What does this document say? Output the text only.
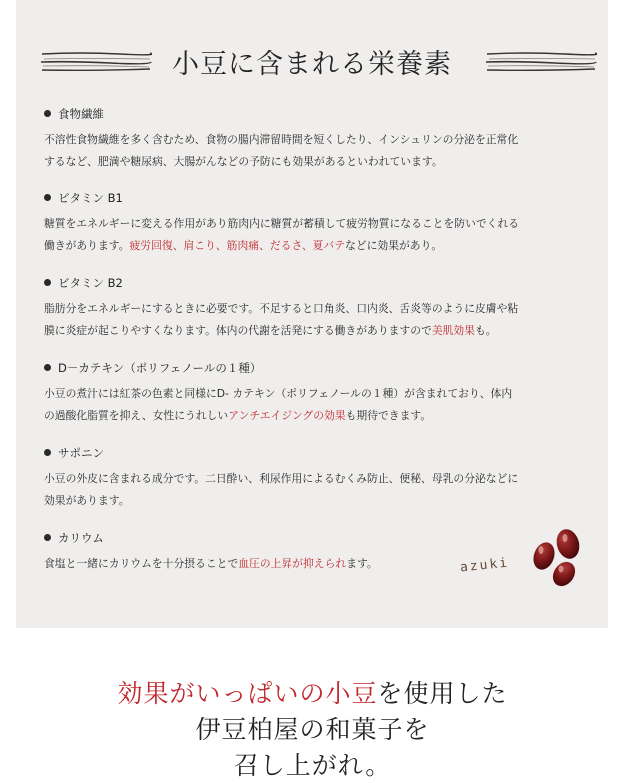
小豆に含まれる栄養素
食物繊維
不溶性食物繊維を多く含むため、食物の腸内滞留時間を短くしたり、インシュリンの分泌を正常化
するなど、肥満や糖尿病、大腸がんなどの予防にも効果があるといわれています。
ビタミン B1
糖質をエネルギーに変える作用があり筋肉内に糖質が蓄積して疲労物質になることを防いでくれる
働きがあります。疲労回復、肩こり、筋肉痛、だるさ、夏バテなどに効果があり。
ビタミン B2
脂肪分をエネルギーにするときに必要です。不足すると口角炎、口内炎、舌炎等のように皮膚や粘
膜に炎症が起こりやすくなります。体内の代謝を活発にする働きがありますので美肌効果も。
D－カテキン（ポリフェノールの１種）
小豆の煮汁には紅茶の色素と同様にD- カテキン（ポリフェノールの１種）が含まれており、体内
の過酸化脂質を抑え、女性にうれしいアンチエイジングの効果も期待できます。
サポニン
小豆の外皮に含まれる成分です。二日酔い、利尿作用によるむくみ防止、便秘、母乳の分泌などに
効果があります。
カリウム
食塩と一緒にカリウムを十分摂ることで血圧の上昇が抑えられます。	azuki
効果がいっぱいの小豆を使用した
伊豆柏屋の和菓子を
召し上がれ。
